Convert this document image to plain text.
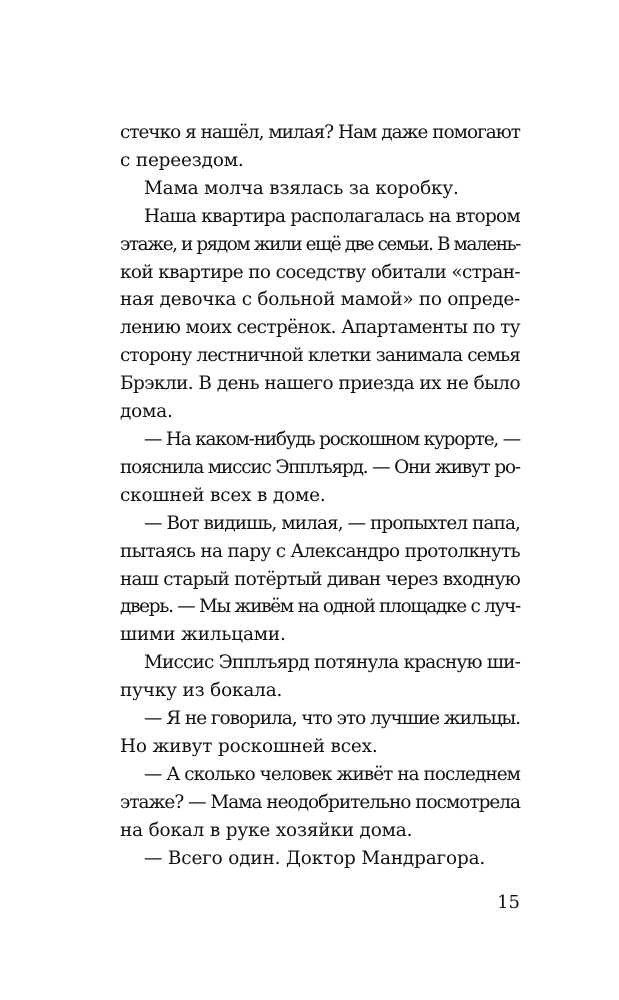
стечко я нашёл, милая? Нам даже помогают
с переездом.
Мама молча взялась за коробку.
Наша квартира располагалась на втором
этаже, и рядом жили ещё две семьи. В малень-
кой квартире по соседству обитали «стран-
ная девочка с больной мамой» по опреде-
лению моих сестрёнок. Апартаменты по ту
сторону лестничной клетки занимала семья
Брэкли. В день нашего приезда их не было
дома.
— На каком-нибудь роскошном курорте, —
пояснила миссис Эпплъярд. — Они живут ро-
скошней всех в доме.
— Вот видишь, милая, — пропыхтел папа,
пытаясь на пару с Александро протолкнуть
наш старый потёртый диван через входную
дверь. — Мы живём на одной площадке с луч-
шими жильцами.
Миссис Эпплъярд потянула красную ши-
пучку из бокала.
— Я не говорила, что это лучшие жильцы.
Но живут роскошней всех.
— А сколько человек живёт на последнем
этаже? — Мама неодобрительно посмотрела
на бокал в руке хозяйки дома.
— Всего один. Доктор Мандрагора.
15
